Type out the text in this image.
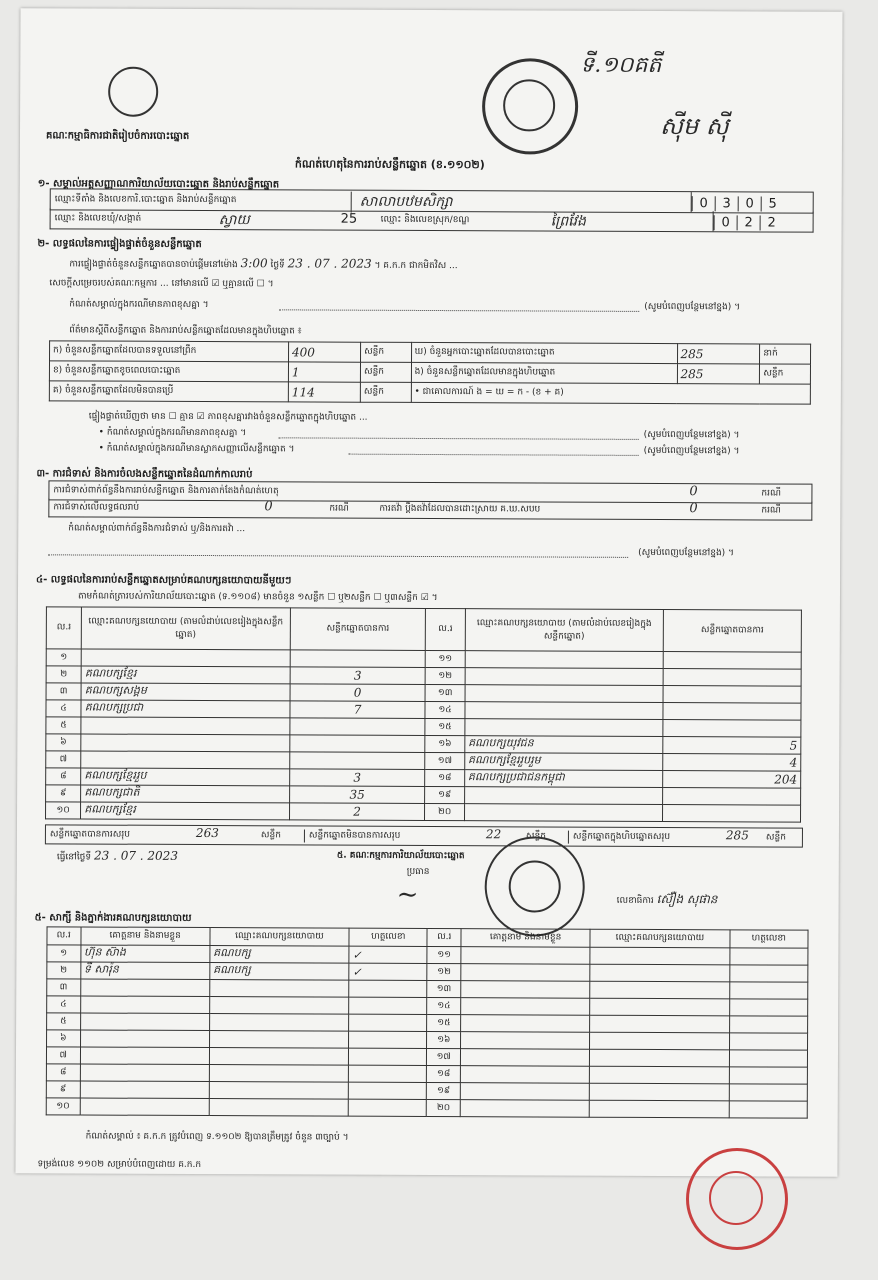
គណៈកម្មាធិការជាតិរៀបចំការបោះឆ្នោត
ទី.១០គតី
ស៊ីម ស៊ី
កំណត់ហេតុនៃការរាប់សន្លឹកឆ្នោត (ខ.១១០២)
១- សម្គាល់អត្តសញ្ញាណការិយាល័យបោះឆ្នោត និងរាប់សន្លឹកឆ្នោត
ឈ្មោះទីតាំង និងលេខការិ.បោះឆ្នោត និងរាប់សន្លឹកឆ្នោត	សាលាបឋមសិក្សា	0 3 0 5
ឈ្មោះ និងលេខឃុំ/សង្កាត់	ស្វាយ	25	ឈ្មោះ និងលេខស្រុក/ខណ្ឌ	ព្រៃវែង	0 2 2
២- លទ្ធផលនៃការផ្ទៀងផ្ទាត់ចំនួនសន្លឹកឆ្នោត
ការផ្ទៀងផ្ទាត់ចំនួនសន្លឹកឆ្នោតបានចាប់ផ្ដើមនៅម៉ោង 3:00 ថ្ងៃទី 23 . 07 . 2023 ។ គ.ក.ក ជាកមិតវិស ...
សេចក្តីសម្រេចរបស់គណៈកម្មការ ... នៅមានលើ ☑ ឬគ្មានលើ ☐ ។
កំណត់សម្គាល់ក្នុងករណីមានភាពខុសគ្នា ។	(សូមបំពេញបន្ថែមនៅខ្នង) ។
ព័ត៌មានស្ដីពីសន្លឹកឆ្នោត និងការរាប់សន្លឹកឆ្នោតដែលមានក្នុងហិបឆ្នោត ៖
ក) ចំនួនសន្លឹកឆ្នោតដែលបានទទួលនៅព្រឹក	400	សន្លឹក	ឃ) ចំនួនអ្នកបោះឆ្នោតដែលបានបោះឆ្នោត	285	នាក់
ខ) ចំនួនសន្លឹកឆ្នោតខូចពេលបោះឆ្នោត	1	សន្លឹក	ង) ចំនួនសន្លឹកឆ្នោតដែលមានក្នុងហិបឆ្នោត	285	សន្លឹក
គ) ចំនួនសន្លឹកឆ្នោតដែលមិនបានប្រើ	114	សន្លឹក	• ជាគោលការណ៍ ង = ឃ = ក - (ខ + គ)		
ផ្ទៀងផ្ទាត់ឃើញថា មាន ☐ គ្មាន ☑ ភាពខុសគ្នារវាងចំនួនសន្លឹកឆ្នោតក្នុងហិបឆ្នោត ...
• កំណត់សម្គាល់ក្នុងករណីមានភាពខុសគ្នា ។	(សូមបំពេញបន្ថែមនៅខ្នង) ។
• កំណត់សម្គាល់ក្នុងករណីមានស្លាកសញ្ញាលើសន្លឹកឆ្នោត ។	(សូមបំពេញបន្ថែមនៅខ្នង) ។
៣- ការជំទាស់ និងការចំលងសន្លឹកឆ្នោតនៃដំណាក់កាលរាប់
ការជំទាស់ពាក់ព័ន្ធនឹងការរាប់សន្លឹកឆ្នោត និងការតាក់តែងកំណត់ហេតុ	0	ករណី
ការជំទាស់លើលទ្ធផលរាប់	0	ករណី	ការតវ៉ា ប្ដឹងតវ៉ាដែលបានដោះស្រាយ គ.ឃ.សបប	0	ករណី
កំណត់សម្គាល់ពាក់ព័ន្ធនឹងការជំទាស់ ឬ/និងការតវ៉ា ...
(សូមបំពេញបន្ថែមនៅខ្នង) ។
៤- លទ្ធផលនៃការរាប់សន្លឹកឆ្នោតសម្រាប់គណបក្សនយោបាយនីមួយៗ
តាមកំណត់ត្រារបស់ការិយាល័យបោះឆ្នោត (ទ.១១០៨) មានចំនួន ១សន្លឹក ☐ ឬ២សន្លឹក ☐ ឬ៣សន្លឹក ☑ ។
ល.រ	ឈ្មោះគណបក្សនយោបាយ (តាមលំដាប់លេខរៀងក្នុងសន្លឹកឆ្នោត)	សន្លឹកឆ្នោតបានការ	ល.រ	ឈ្មោះគណបក្សនយោបាយ (តាមលំដាប់លេខរៀងក្នុងសន្លឹកឆ្នោត)	សន្លឹកឆ្នោតបានការ
១			១១		
២	គណបក្សខ្មែរ	3	១២		
៣	គណបក្សសង្គម	0	១៣		
៤	គណបក្សប្រជា	7	១៤		
៥			១៥		
៦			១៦	គណបក្សយុវជន	5
៧			១៧	គណបក្សខ្មែររួបរួម	4
៨	គណបក្សខ្មែររួប	3	១៨	គណបក្សប្រជាជនកម្ពុជា	204
៩	គណបក្សជាតិ	35	១៩		
១០	គណបក្សខ្មែរ	2	២០		
សន្លឹកឆ្នោតបានការសរុប	263	សន្លឹក	សន្លឹកឆ្នោតមិនបានការសរុប	22	សន្លឹក	សន្លឹកឆ្នោតក្នុងហិបឆ្នោតសរុប	285 សន្លឹក
ធ្វើនៅថ្ងៃទី 23 . 07 . 2023	៥. គណៈកម្មការការិយាល័យបោះឆ្នោត
ប្រធាន
~	លេខាធិការ ស៊ឿង សុផាន
៥- សាក្សី និងភ្នាក់ងារគណបក្សនយោបាយ
ល.រ	គោត្តនាម និងនាមខ្លួន	ឈ្មោះគណបក្សនយោបាយ	ហត្ថលេខា	ល.រ	គោត្តនាម និងនាមខ្លួន	ឈ្មោះគណបក្សនយោបាយ	ហត្ថលេខា
១	ហ៊ុន ស៊ាង	គណបក្ស	✓	១១			
២	ទី សារ៉ុន	គណបក្ស	✓	១២			
៣				១៣			
៤				១៤			
៥				១៥			
៦				១៦			
៧				១៧			
៨				១៨			
៩				១៩			
១០				២០			
កំណត់សម្គាល់ ៖ គ.ក.ក ត្រូវបំពេញ ទ.១១០២ ឱ្យបានត្រឹមត្រូវ ចំនួន ៣ច្បាប់ ។
ទម្រង់លេខ ១១០២ សម្រាប់បំពេញដោយ គ.ក.ក
